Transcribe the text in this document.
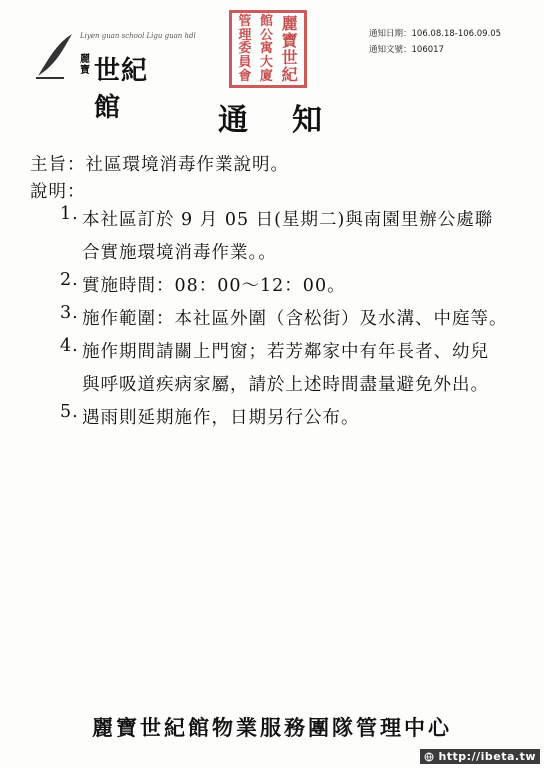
Liyen guan school Ligu guan hdl
麗寶 世紀館
麗
寶
世
紀
館
公
寓
大
廈
管
理
委
員
會
通知日期：106.08.18-106.09.05
通知文號：106017
通知
主旨：社區環境消毒作業說明。
說明：
1. 本社區訂於 9 月 05 日(星期二)與南園里辦公處聯
合實施環境消毒作業。。
2. 實施時間：08：00～12：00。
3. 施作範圍：本社區外圍（含松街）及水溝、中庭等。
4. 施作期間請關上門窗；若芳鄰家中有年長者、幼兒
與呼吸道疾病家屬，請於上述時間盡量避免外出。
5. 遇雨則延期施作，日期另行公布。
麗寶世紀館物業服務團隊管理中心
http://ibeta.tw
